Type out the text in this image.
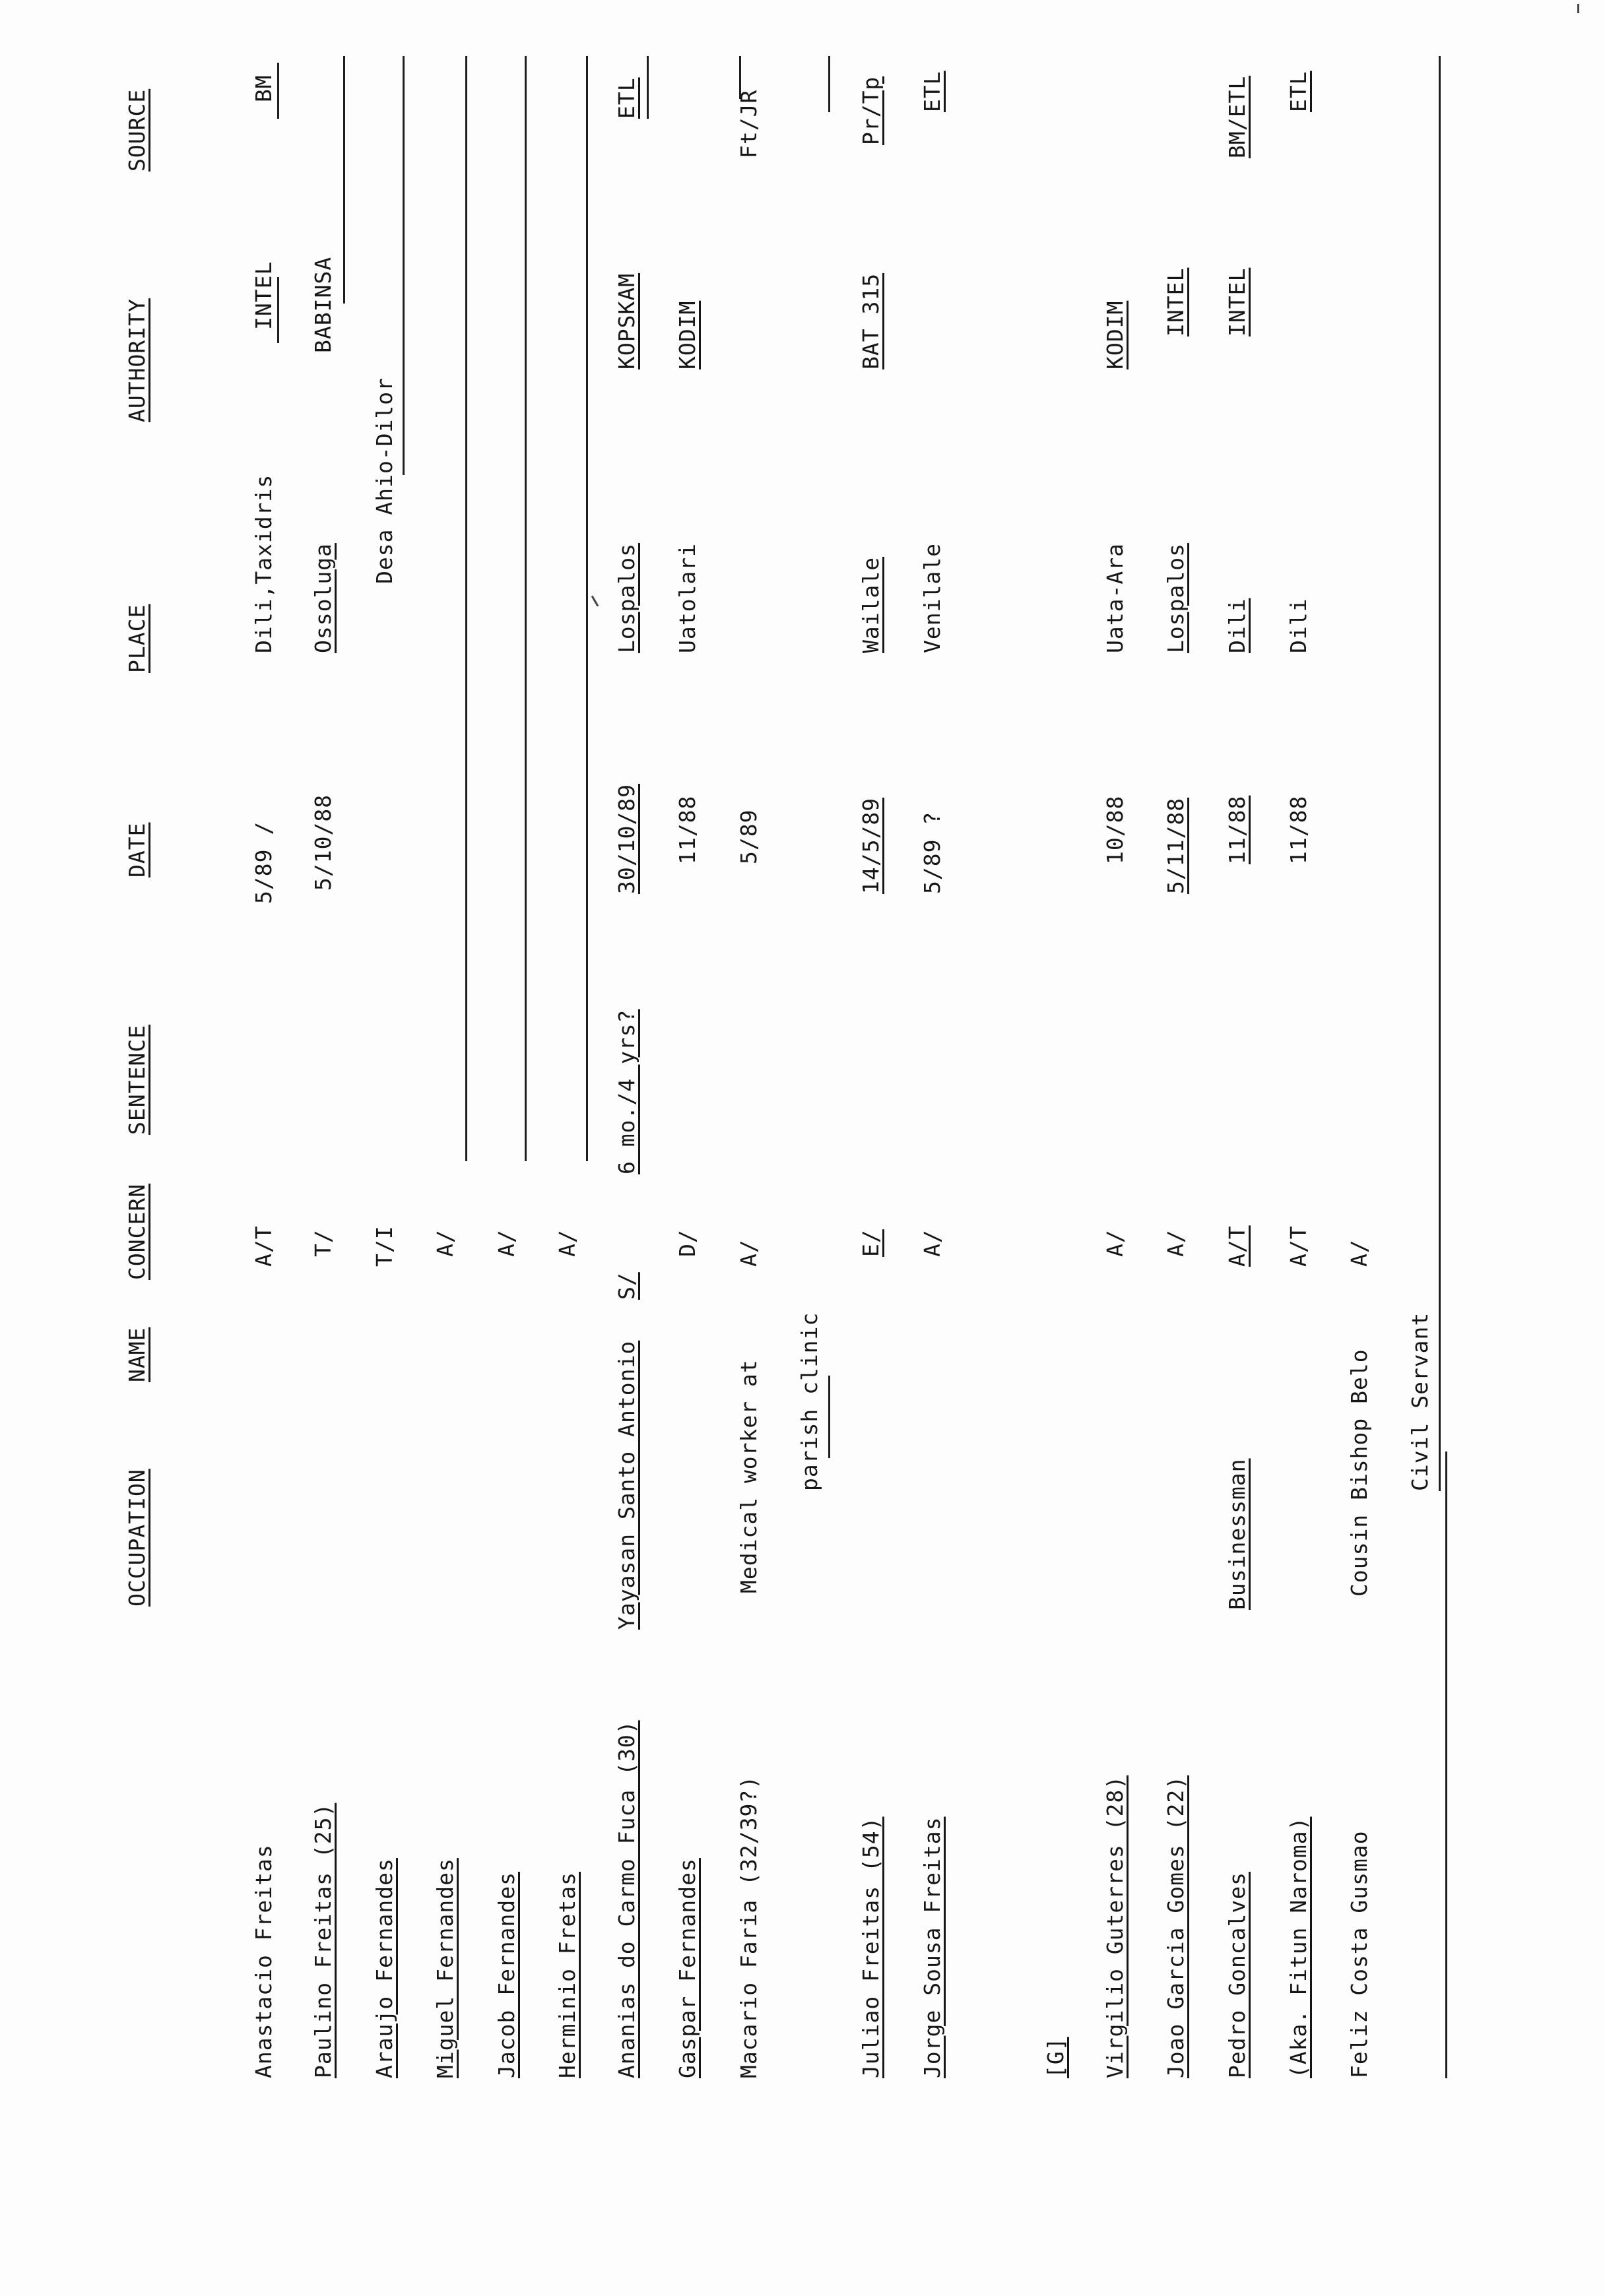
NAME
OCCUPATION
CONCERN
SENTENCE
DATE
PLACE
AUTHORITY
SOURCE
Anastacio Freitas
A/T
5/89 /
Dili,Taxidris
INTEL
BM
Paulino Freitas (25)
T/
5/10/88
Ossoluga
BABINSA
Araujo Fernandes
T/I
Desa Ahio-Dilor
Miguel Fernandes
A/
Jacob Fernandes
A/
Herminio Fretas
A/
Ananias do Carmo Fuca (30)
Yayasan Santo Antonio
S/
6 mo./4 yrs?
30/10/89
Lospalos
KOPSKAM
ETL
Gaspar Fernandes
D/
11/88
Uatolari
KODIM
Macario Faria (32/39?)
Medical worker at
A/
5/89
Ft/JR
parish clinic
Juliao Freitas (54)
E/
14/5/89
Wailale
BAT 315
Pr/Tp
Jorge Sousa Freitas
A/
5/89 ?
Venilale
ETL
[G] Virgilio Guterres (28)
A/
10/88
Uata-Ara
KODIM
Joao Garcia Gomes (22)
A/
5/11/88
Lospalos
INTEL
Pedro Goncalves
Businessman
A/T
11/88
Dili
INTEL
BM/ETL
(Aka. Fitun Naroma)
A/T
11/88
Dili
ETL
Feliz Costa Gusmao
Cousin Bishop Belo
A/
Civil Servant
